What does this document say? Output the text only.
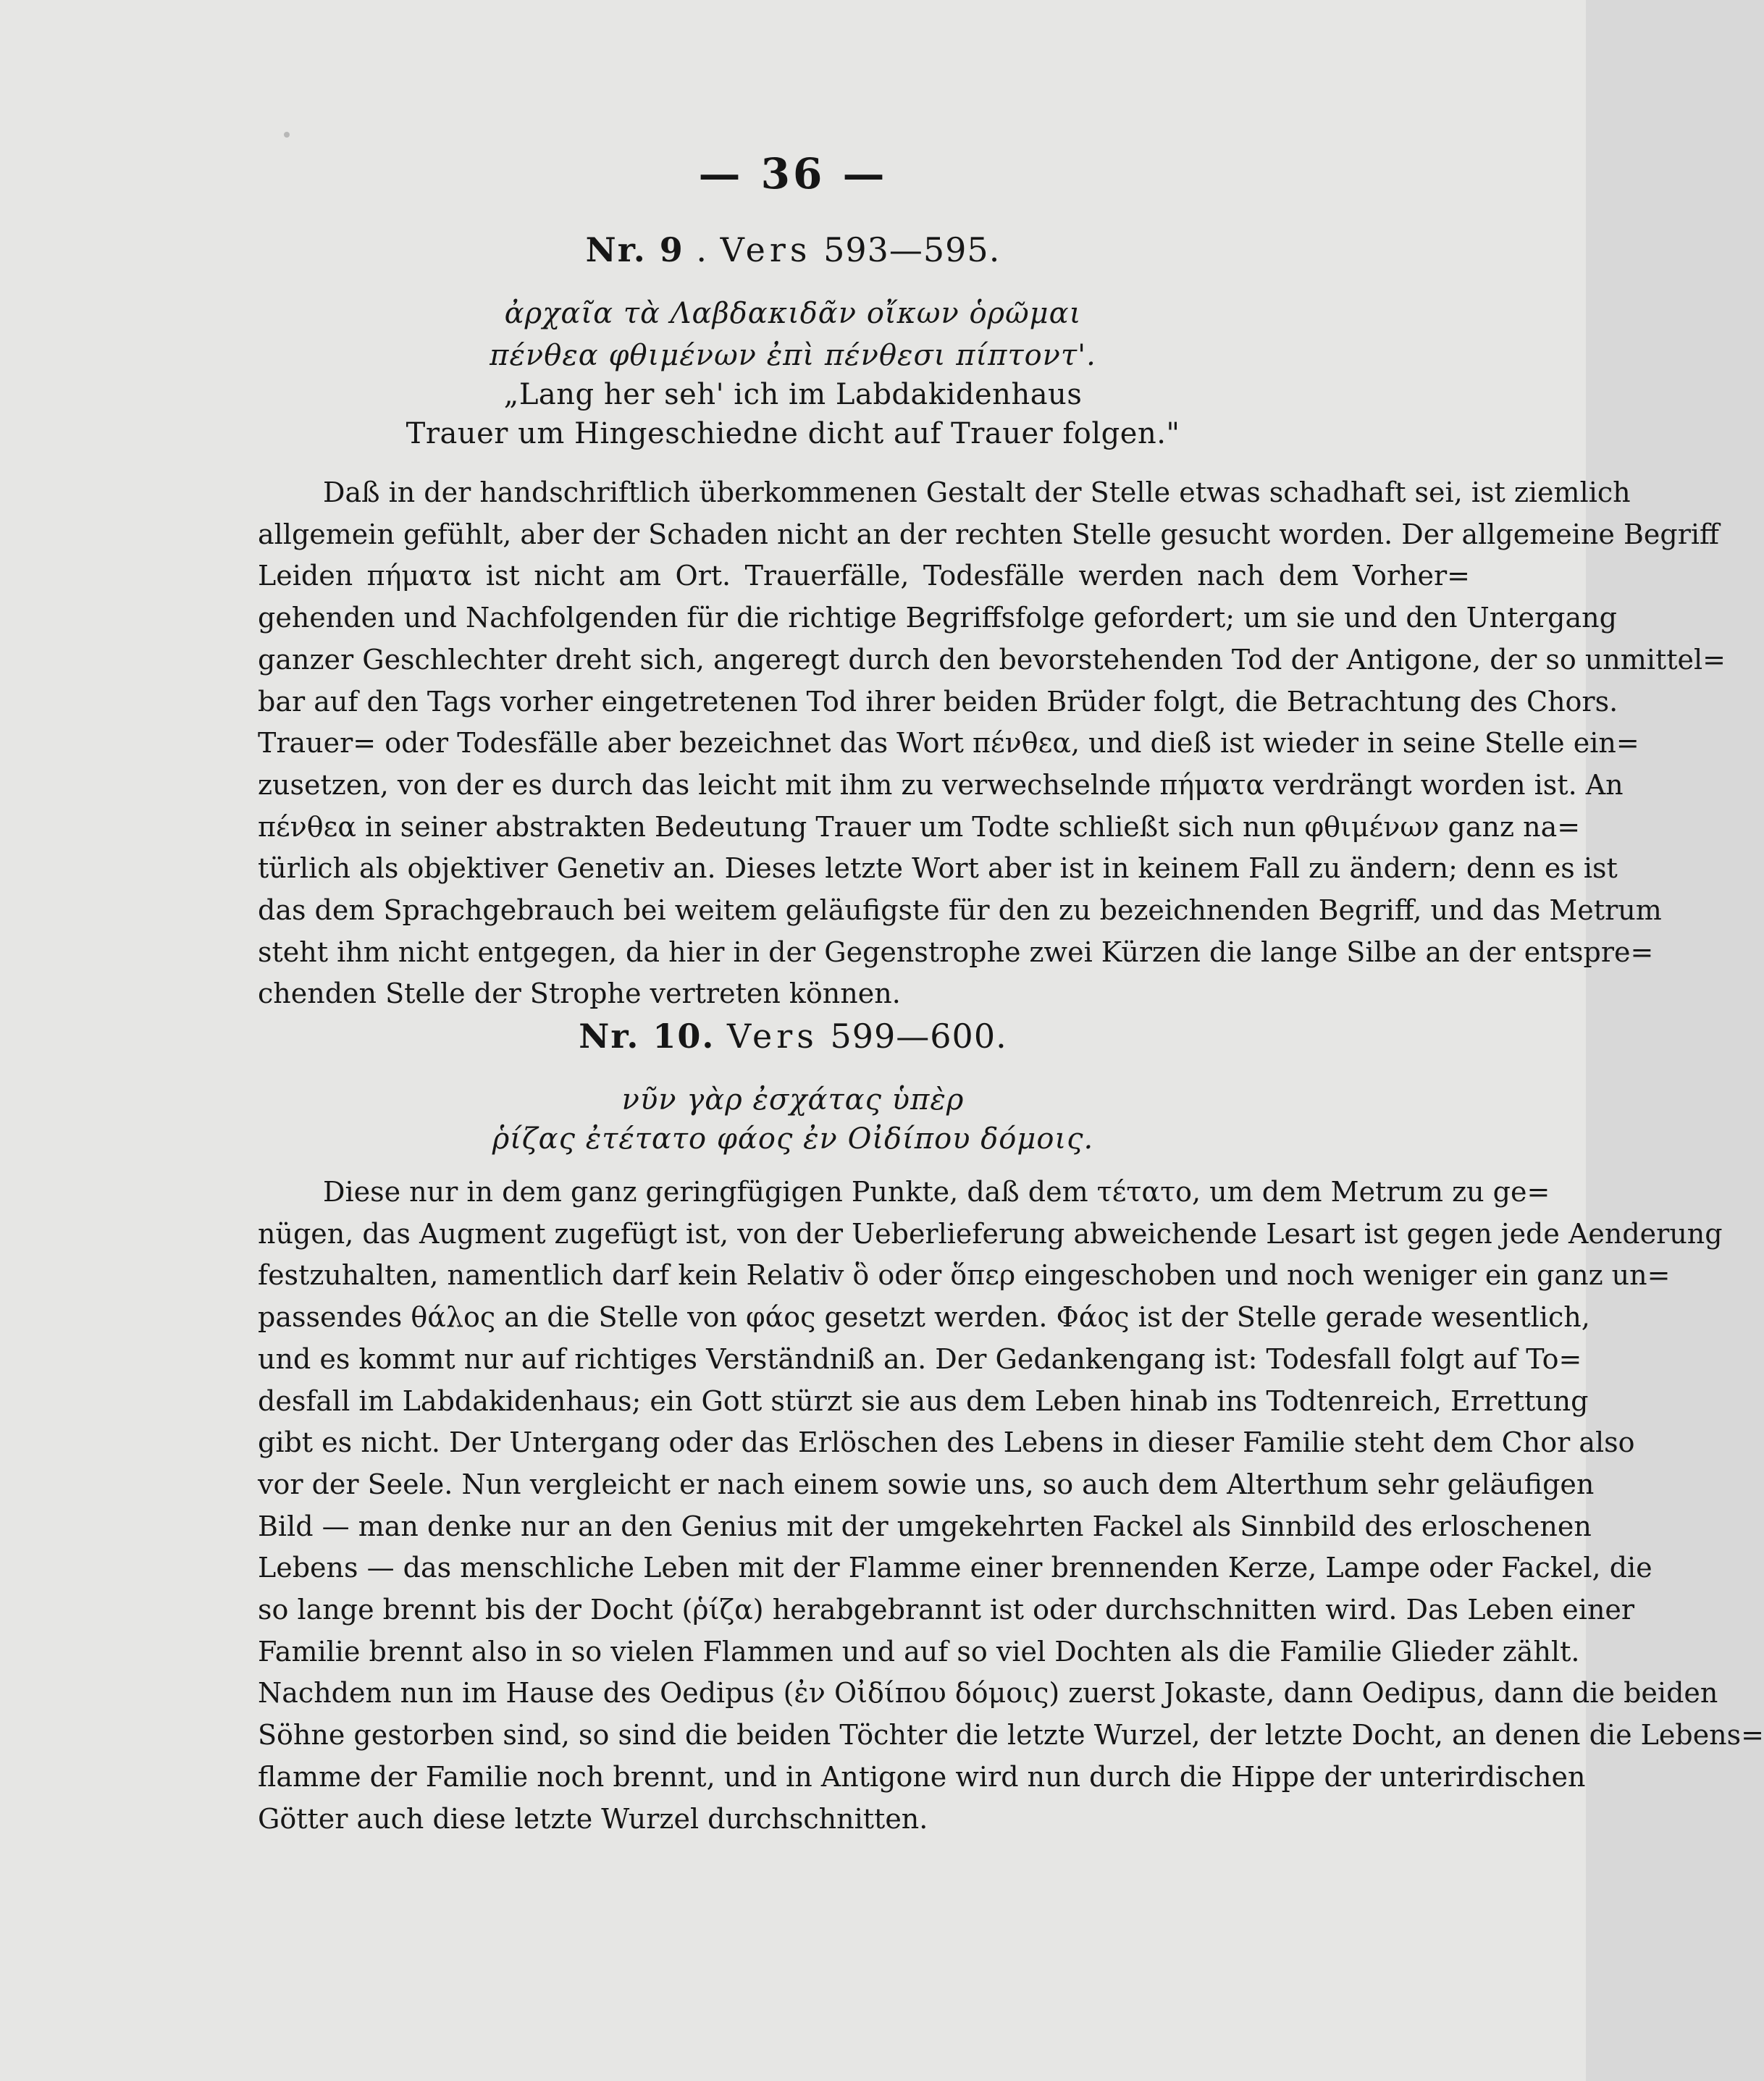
— 36 —
Nr. 9 . Vers 593—595.
ἀρχαῖα τὰ Λαβδακιδᾶν οἴκων ὁρῶμαι
πένθεα φθιμένων ἐπὶ πένθεσι πίπτοντ'.
„Lang her seh' ich im Labdakidenhaus
Trauer um Hingeschiedne dicht auf Trauer folgen."
Daß in der handschriftlich überkommenen Gestalt der Stelle etwas schadhaft sei, ist ziemlich
allgemein gefühlt, aber der Schaden nicht an der rechten Stelle gesucht worden. Der allgemeine Begriff
Leiden πήματα ist nicht am Ort. Trauerfälle, Todesfälle werden nach dem Vorher=
gehenden und Nachfolgenden für die richtige Begriffsfolge gefordert; um sie und den Untergang
ganzer Geschlechter dreht sich, angeregt durch den bevorstehenden Tod der Antigone, der so unmittel=
bar auf den Tags vorher eingetretenen Tod ihrer beiden Brüder folgt, die Betrachtung des Chors.
Trauer= oder Todesfälle aber bezeichnet das Wort πένθεα, und dieß ist wieder in seine Stelle ein=
zusetzen, von der es durch das leicht mit ihm zu verwechselnde πήματα verdrängt worden ist. An
πένθεα in seiner abstrakten Bedeutung Trauer um Todte schließt sich nun φθιμένων ganz na=
türlich als objektiver Genetiv an. Dieses letzte Wort aber ist in keinem Fall zu ändern; denn es ist
das dem Sprachgebrauch bei weitem geläufigste für den zu bezeichnenden Begriff, und das Metrum
steht ihm nicht entgegen, da hier in der Gegenstrophe zwei Kürzen die lange Silbe an der entspre=
chenden Stelle der Strophe vertreten können.
Nr. 10. Vers 599—600.
νῦν γὰρ ἐσχάτας ὑπὲρ
ῥίζας ἐτέτατο φάος ἐν Οἰδίπου δόμοις.
Diese nur in dem ganz geringfügigen Punkte, daß dem τέτατο, um dem Metrum zu ge=
nügen, das Augment zugefügt ist, von der Ueberlieferung abweichende Lesart ist gegen jede Aenderung
festzuhalten, namentlich darf kein Relativ ὃ oder ὅπερ eingeschoben und noch weniger ein ganz un=
passendes θάλος an die Stelle von φάος gesetzt werden. Φάος ist der Stelle gerade wesentlich,
und es kommt nur auf richtiges Verständniß an. Der Gedankengang ist: Todesfall folgt auf To=
desfall im Labdakidenhaus; ein Gott stürzt sie aus dem Leben hinab ins Todtenreich, Errettung
gibt es nicht. Der Untergang oder das Erlöschen des Lebens in dieser Familie steht dem Chor also
vor der Seele. Nun vergleicht er nach einem sowie uns, so auch dem Alterthum sehr geläufigen
Bild — man denke nur an den Genius mit der umgekehrten Fackel als Sinnbild des erloschenen
Lebens — das menschliche Leben mit der Flamme einer brennenden Kerze, Lampe oder Fackel, die
so lange brennt bis der Docht (ῥίζα) herabgebrannt ist oder durchschnitten wird. Das Leben einer
Familie brennt also in so vielen Flammen und auf so viel Dochten als die Familie Glieder zählt.
Nachdem nun im Hause des Oedipus (ἐν Οἰδίπου δόμοις) zuerst Jokaste, dann Oedipus, dann die beiden
Söhne gestorben sind, so sind die beiden Töchter die letzte Wurzel, der letzte Docht, an denen die Lebens=
flamme der Familie noch brennt, und in Antigone wird nun durch die Hippe der unterirdischen
Götter auch diese letzte Wurzel durchschnitten.
